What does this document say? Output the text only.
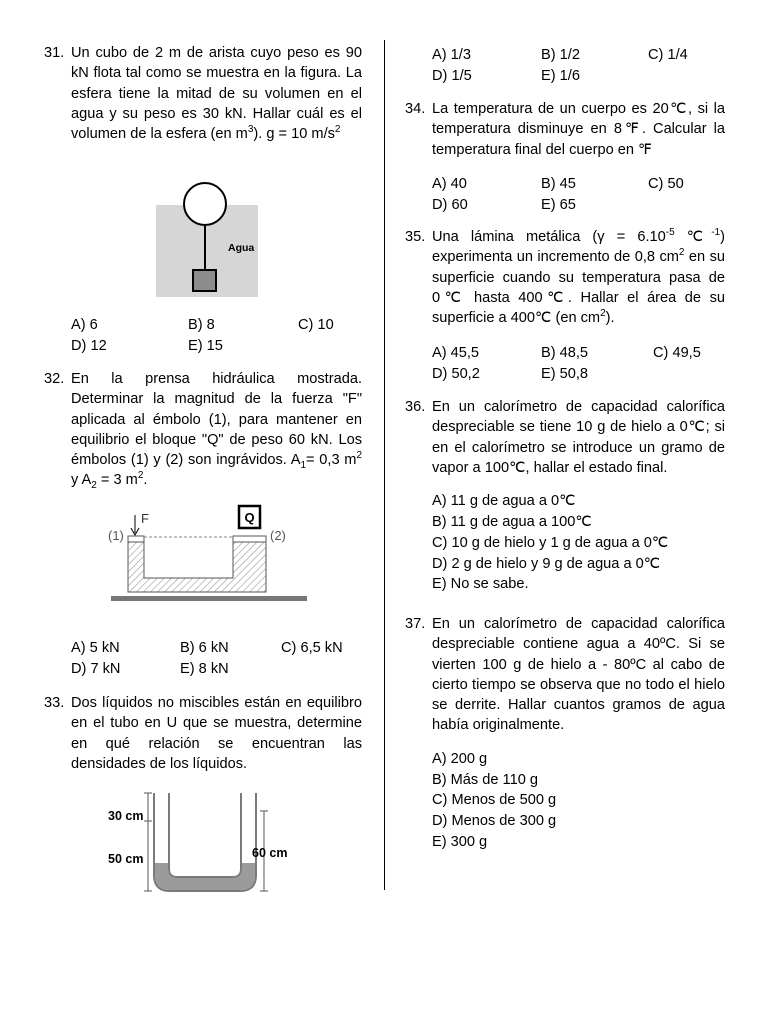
31. Un cubo de 2 m de arista cuyo peso es 90 kN flota tal como se muestra en la figura. La esfera tiene la mitad de su volumen en el agua y su peso es 30 kN. Hallar cuál es el volumen de la esfera (en $m^3$). g = 10 $m/s^2$
Agua
A) 6	B) 8	C) 10
D) 12	E) 15
32. En la prensa hidráulica mostrada. Determinar la magnitud de la fuerza "F" aplicada al émbolo (1), para mantener en equilibrio el bloque "Q" de peso 60 kN. Los émbolos (1) y (2) son ingrávidos. $A_1= 0,3$ $m^2$ y $A_2 = 3$ $m^2$.
F	Q
(1)	(2)
A) 5 kN	B) 6 kN	C) 6,5 kN
D) 7 kN	E) 8 kN
33. Dos líquidos no miscibles están en equilibro en el tubo en U que se muestra, determine en qué relación se encuentran las densidades de los líquidos.
30 cm
50 cm	60 cm
A) 1/3	B) 1/2	C) 1/4
D) 1/5	E) 1/6
34. La temperatura de un cuerpo es 20℃, si la temperatura disminuye en 8℉. Calcular la temperatura final del cuerpo en ℉
A) 40	B) 45	C) 50
D) 60	E) 65
35. Una lámina metálica ($\gamma = 6.10^{-5}$ ℃$^{-1}$) experimenta un incremento de 0,8 $cm^2$ en su superficie cuando su temperatura pasa de 0℃ hasta 400℃. Hallar el área de su superficie a 400℃ (en $cm^2$).
A) 45,5	B) 48,5	C) 49,5
D) 50,2	E) 50,8
36. En un calorímetro de capacidad calorífica despreciable se tiene 10 g de hielo a 0℃; si en el calorímetro se introduce un gramo de vapor a 100℃, hallar el estado final.
A) 11 g de agua a 0℃
B) 11 g de agua a 100℃
C) 10 g de hielo y 1 g de agua a 0℃
D) 2 g de hielo y 9 g de agua a 0℃
E) No se sabe.
37. En un calorímetro de capacidad calorífica despreciable contiene agua a 40ºC. Si se vierten 100 g de hielo a - 80ºC al cabo de cierto tiempo se observa que no todo el hielo se derrite. Hallar cuantos gramos de agua había originalmente.
A) 200 g
B) Más de 110 g
C) Menos de 500 g
D) Menos de 300 g
E) 300 g
